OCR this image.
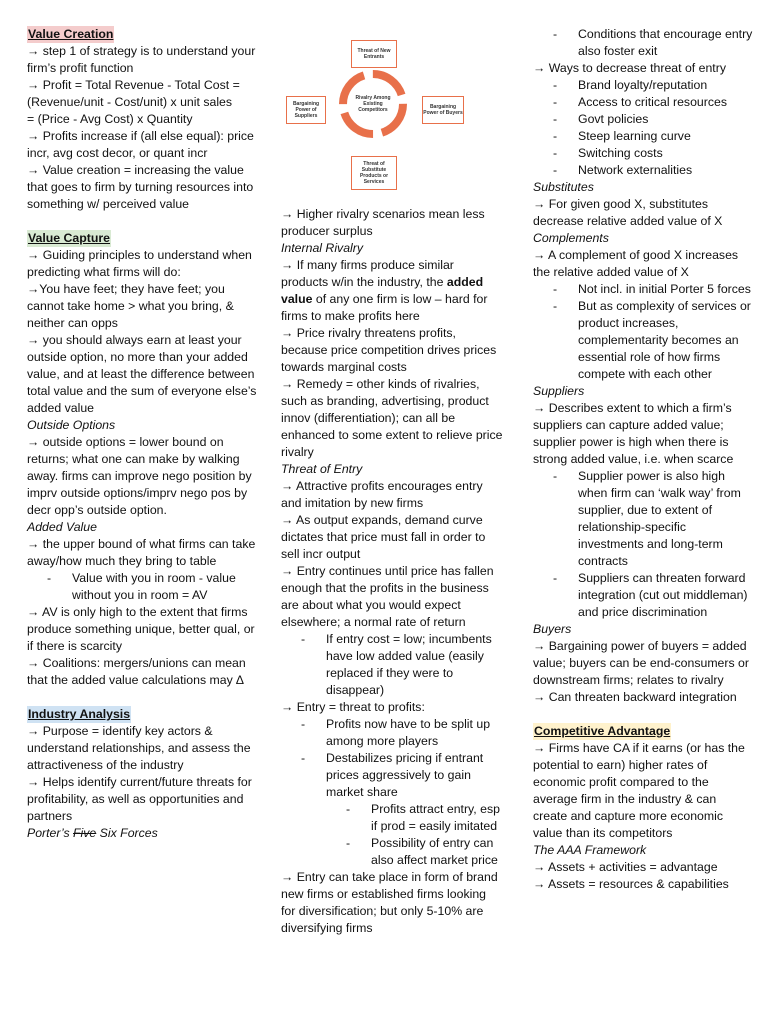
Value Creation
→ step 1 of strategy is to understand your firm’s profit function
→ Profit = Total Revenue - Total Cost = (Revenue/unit - Cost/unit) x unit sales
= (Price - Avg Cost) x Quantity
→ Profits increase if (all else equal): price incr, avg cost decor, or quant incr
→ Value creation = increasing the value that goes to firm by turning resources into something w/ perceived value
Value Capture
→ Guiding principles to understand when predicting what firms will do:
→You have feet; they have feet; you cannot take home > what you bring, & neither can opps
→ you should always earn at least your outside option, no more than your added value, and at least the difference between total value and the sum of everyone else’s added value
Outside Options
→ outside options = lower bound on returns; what one can make by walking away. firms can improve nego position by imprv outside options/imprv nego pos by decr opp’s outside option.
Added Value
→ the upper bound of what firms can take away/how much they bring to table
- Value with you in room - value without you in room = AV
→ AV is only high to the extent that firms produce something unique, better qual, or if there is scarcity
→ Coalitions: mergers/unions can mean that the added value calculations may ∆
Industry Analysis
→ Purpose = identify key actors & understand relationships, and assess the attractiveness of the industry
→ Helps identify current/future threats for profitability, as well as opportunities and partners
Porter’s Five Six Forces
Threat of New Entrants
Bargaining Power of Suppliers
Bargaining Power of Buyers
Threat of Substitute Products or Services
Rivalry Among Existing Competitors
→ Higher rivalry scenarios mean less producer surplus
Internal Rivalry
→ If many firms produce similar products w/in the industry, the added value of any one firm is low – hard for firms to make profits here
→ Price rivalry threatens profits, because price competition drives prices towards marginal costs
→ Remedy = other kinds of rivalries, such as branding, advertising, product innov (differentiation); can all be enhanced to some extent to relieve price rivalry
Threat of Entry
→ Attractive profits encourages entry and imitation by new firms
→ As output expands, demand curve dictates that price must fall in order to sell incr output
→ Entry continues until price has fallen enough that the profits in the business are about what you would expect elsewhere; a normal rate of return
- If entry cost = low; incumbents have low added value (easily replaced if they were to disappear)
→ Entry = threat to profits:
- Profits now have to be split up among more players
- Destabilizes pricing if entrant prices aggressively to gain market share
- Profits attract entry, esp if prod = easily imitated
- Possibility of entry can also affect market price
→ Entry can take place in form of brand new firms or established firms looking for diversification; but only 5-10% are diversifying firms
- Conditions that encourage entry also foster exit
→ Ways to decrease threat of entry
- Brand loyalty/reputation
- Access to critical resources
- Govt policies
- Steep learning curve
- Switching costs
- Network externalities
Substitutes
→ For given good X, substitutes decrease relative added value of X
Complements
→ A complement of good X increases the relative added value of X
- Not incl. in initial Porter 5 forces
- But as complexity of services or product increases, complementarity becomes an essential role of how firms compete with each other
Suppliers
→ Describes extent to which a firm’s suppliers can capture added value; supplier power is high when there is strong added value, i.e. when scarce
- Supplier power is also high when firm can ‘walk way’ from supplier, due to extent of relationship-specific investments and long-term contracts
- Suppliers can threaten forward integration (cut out middleman) and price discrimination
Buyers
→ Bargaining power of buyers = added value; buyers can be end-consumers or downstream firms; relates to rivalry
→ Can threaten backward integration
Competitive Advantage
→ Firms have CA if it earns (or has the potential to earn) higher rates of economic profit compared to the average firm in the industry & can create and capture more economic value than its competitors
The AAA Framework
→ Assets + activities = advantage
→ Assets = resources & capabilities
